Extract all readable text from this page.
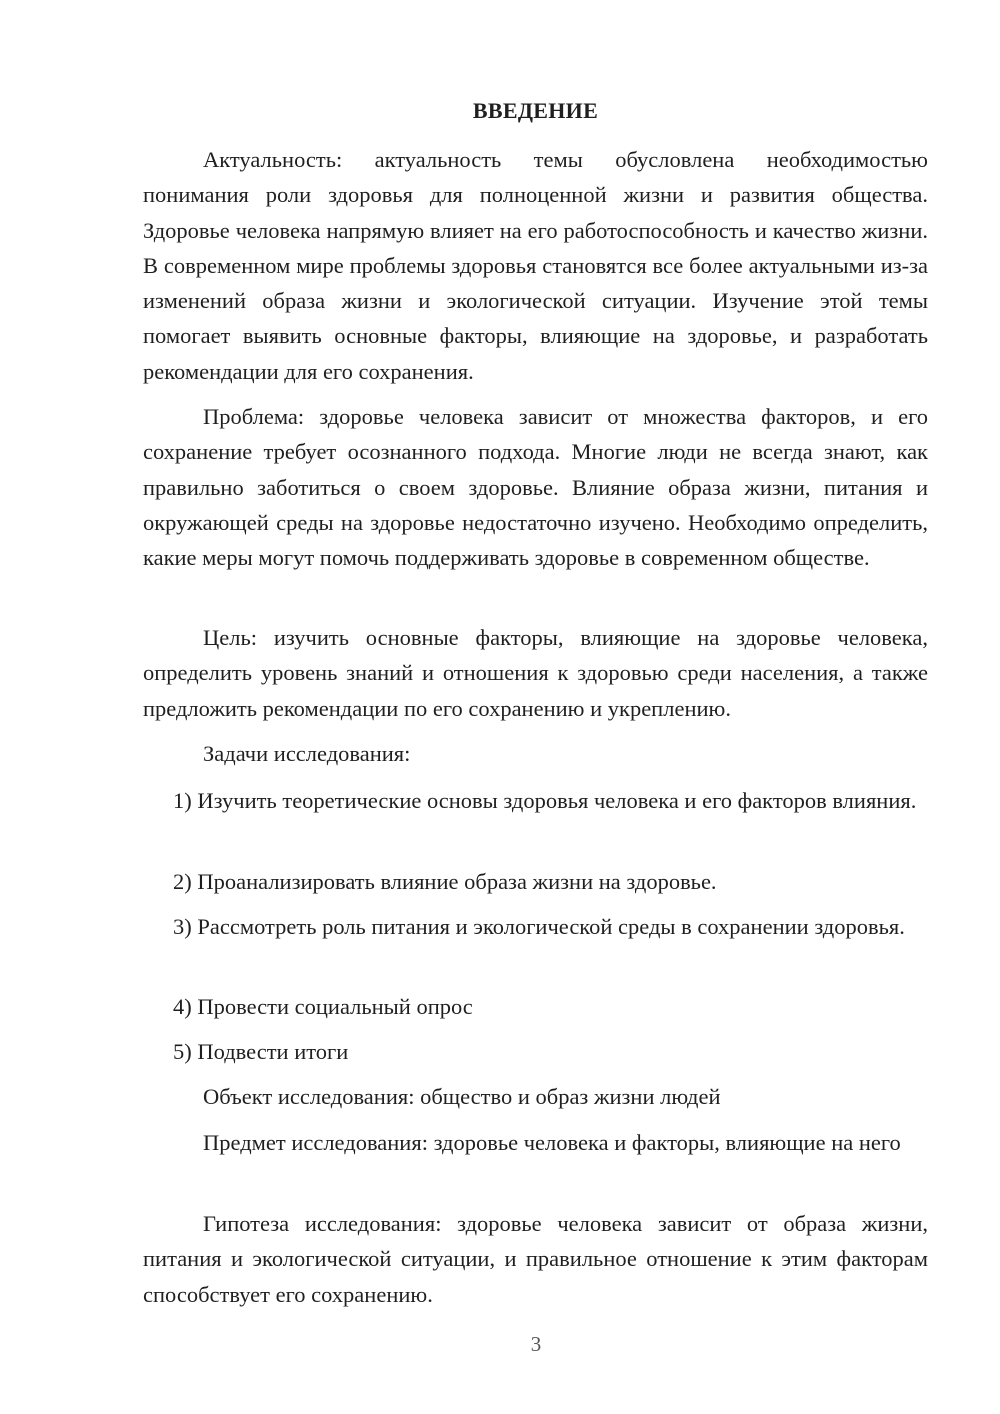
ВВЕДЕНИЕ

Актуальность: актуальность темы обусловлена необходимостью понимания роли здоровья для полноценной жизни и развития общества. Здоровье человека напрямую влияет на его работоспособность и качество жизни. В современном мире проблемы здоровья становятся все более актуальными из-за изменений образа жизни и экологической ситуации. Изучение этой темы помогает выявить основные факторы, влияющие на здоровье, и разработать рекомендации для его сохранения.

Проблема: здоровье человека зависит от множества факторов, и его сохранение требует осознанного подхода. Многие люди не всегда знают, как правильно заботиться о своем здоровье. Влияние образа жизни, питания и окружающей среды на здоровье недостаточно изучено. Необходимо определить, какие меры могут помочь поддерживать здоровье в современном обществе.

Цель: изучить основные факторы, влияющие на здоровье человека, определить уровень знаний и отношения к здоровью среди населения, а также предложить рекомендации по его сохранению и укреплению.

Задачи исследования:

1) Изучить теоретические основы здоровья человека и его факторов влияния.

2) Проанализировать влияние образа жизни на здоровье.

3) Рассмотреть роль питания и экологической среды в сохранении здоровья.

4) Провести социальный опрос

5) Подвести итоги

Объект исследования: общество и образ жизни людей

Предмет исследования: здоровье человека и факторы, влияющие на него

Гипотеза исследования: здоровье человека зависит от образа жизни, питания и экологической ситуации, и правильное отношение к этим факторам способствует его сохранению.

3
